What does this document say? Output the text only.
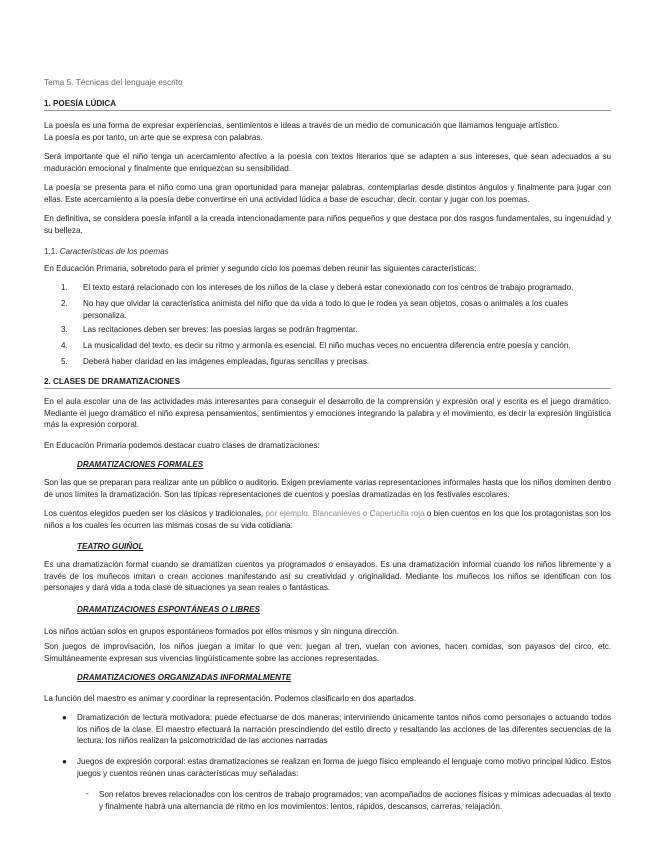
Tema 5. Técnicas del lenguaje escrito
1. POESÍA LÚDICA

La poesía es una forma de expresar experiencias, sentimientos e ideas a través de un medio de comunicación que llamamos lenguaje artístico.

La poesía es por tanto, un arte que se expresa con palabras.

Será importante que el niño tenga un acercamiento afectivo a la poesía con textos literarios que se adapten a sus intereses, que sean adecuados a su maduración emocional y finalmente que enriquezcan su sensibilidad.

La poesía se presenta para el niño como una gran oportunidad para manejar palabras, contemplarlas desde distintos ángulos y finalmente para jugar con ellas. Este acercamiento a la poesía debe convertirse en una actividad lúdica a base de escuchar, decir, contar y jugar con los poemas.

En definitiva, se considera poesía infantil a la creada intencionadamente para niños pequeños y que destaca por dos rasgos fundamentales, su ingenuidad y su belleza.

1.1. Características de los poemas

En Educación Primaria, sobretodo para el primer y segundo ciclo los poemas deben reunir las siguientes características:

1.	El texto estará relacionado con los intereses de los niños de la clase y deberá estar conexionado con los centros de trabajo programado.
2.	No hay que olvidar la característica animista del niño que da vida a todo lo que le rodea ya sean objetos, cosas o animales a los cuales personaliza.
3.	Las recitaciones deben ser breves: las poesías largas se podrán fragmentar.
4.	La musicalidad del texto, es decir su ritmo y armonía es esencial. El niño muchas veces no encuentra diferencia entre poesía y canción.
5.	Deberá haber claridad en las imágenes empleadas, figuras sencillas y precisas.
2. CLASES DE DRAMATIZACIONES

En el aula escolar una de las actividades más interesantes para conseguir el desarrollo de la comprensión y expresión oral y escrita es el juego dramático. Mediante el juego dramático el niño expresa pensamientos, sentimientos y emociones integrando la palabra y el movimiento, es decir la expresión lingüística más la expresión corporal.

En Educación Primaria podemos destacar cuatro clases de dramatizaciones:

DRAMATIZACIONES FORMALES

Son las que se preparan para realizar ante un público o auditorio. Exigen previamente varias representaciones informales hasta que los niños dominen dentro de unos límites la dramatización. Son las típicas representaciones de cuentos y poesías dramatizadas en los festivales escolares.

Los cuentos elegidos pueden ser los clásicos y tradicionales, por ejemplo. Blancanieves o Caperucita roja o bien cuentos en los que los protagonistas son los niños a los cuales les ocurren las mismas cosas de su vida cotidiana.

TEATRO GUIÑOL

Es una dramatización formal cuando se dramatizan cuentos ya programados o ensayados. Es una dramatización informal cuando los niños libremente y a través de los muñecos imitan o crean acciones manifestando así su creatividad y originalidad. Mediante los muñecos los niños se identifican con los personajes y dará vida a toda clase de situaciones ya sean reales o fantásticas.

DRAMATIZACIONES ESPONTÁNEAS O LIBRES

Los niños actúan solos en grupos espontáneos formados por ellos mismos y sin ninguna dirección.

Son juegos de improvisación, los niños juegan a imitar lo que ven: juegan al tren, vuelan con aviones, hacen comidas, son payasos del circo, etc. Simultáneamente expresan sus vivencias lingüísticamente sobre las acciones representadas.

DRAMATIZACIONES ORGANIZADAS INFORMALMENTE

La función del maestro es animar y coordinar la representación. Podemos clasificarlo en dos apartados.

● Dramatización de lectura motivadora: puede efectuarse de dos maneras; interviniendo únicamente tantos niños como personajes o actuando todos los niños de la clase. El maestro efectuará la narración prescindiendo del estilo directo y resaltando las acciones de las diferentes secuencias de la lectura: los niños realizan la psicomotricidad de las acciones narradas

● Juegos de expresión corporal: estas dramatizaciones se realizan en forma de juego físico empleando el lenguaje como motivo principal lúdico. Estos juegos y cuentos reúnen unas características muy señaladas:

- Son relatos breves relacionados con los centros de trabajo programados; van acompañados de acciones físicas y mímicas adecuadas al texto y finalmente habrá una alternancia de ritmo en los movimientos: lentos, rápidos, descansos, carreras, relajación.
